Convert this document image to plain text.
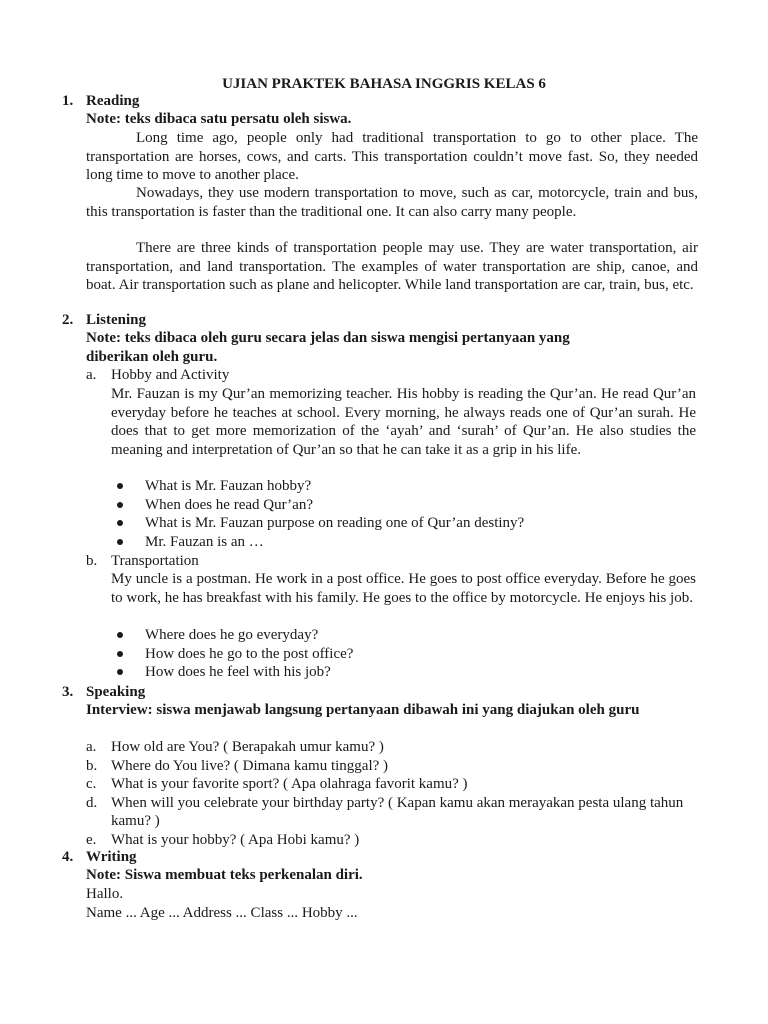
UJIAN PRAKTEK BAHASA INGGRIS KELAS 6
1. Reading
Note: teks dibaca satu persatu oleh siswa.
Long time ago, people only had traditional transportation to go to other place. The transportation are horses, cows, and carts. This transportation couldn’t move fast. So, they needed long time to move to another place.
Nowadays, they use modern transportation to move, such as car, motorcycle, train and bus, this transportation is faster than the traditional one. It can also carry many people.
There are three kinds of transportation people may use. They are water transportation, air transportation, and land transportation. The examples of water transportation are ship, canoe, and boat. Air transportation such as plane and helicopter. While land transportation are car, train, bus, etc.
2. Listening
Note: teks dibaca oleh guru secara jelas dan siswa mengisi pertanyaan yang
diberikan oleh guru.
a. Hobby and Activity
Mr. Fauzan is my Qur’an memorizing teacher. His hobby is reading the Qur’an. He read Qur’an everyday before he teaches at school. Every morning, he always reads one of Qur’an surah. He does that to get more memorization of the ‘ayah’ and ‘surah’ of Qur’an. He also studies the meaning and interpretation of Qur’an so that he can take it as a grip in his life.
What is Mr. Fauzan hobby?
When does he read Qur’an?
What is Mr. Fauzan purpose on reading one of Qur’an destiny?
Mr. Fauzan is an …
b. Transportation
My uncle is a postman. He work in a post office. He goes to post office everyday. Before he goes to work, he has breakfast with his family. He goes to the office by motorcycle. He enjoys his job.
Where does he go everyday?
How does he go to the post office?
How does he feel with his job?
3. Speaking
Interview: siswa menjawab langsung pertanyaan dibawah ini yang diajukan oleh guru
a. How old are You? ( Berapakah umur kamu? )
b. Where do You live? ( Dimana kamu tinggal? )
c. What is your favorite sport? ( Apa olahraga favorit kamu? )
d. When will you celebrate your birthday party? ( Kapan kamu akan merayakan pesta ulang tahun kamu? )
e. What is your hobby? ( Apa Hobi kamu? )
4. Writing
Note: Siswa membuat teks perkenalan diri.
Hallo.
Name ... Age ... Address ... Class ... Hobby ...
